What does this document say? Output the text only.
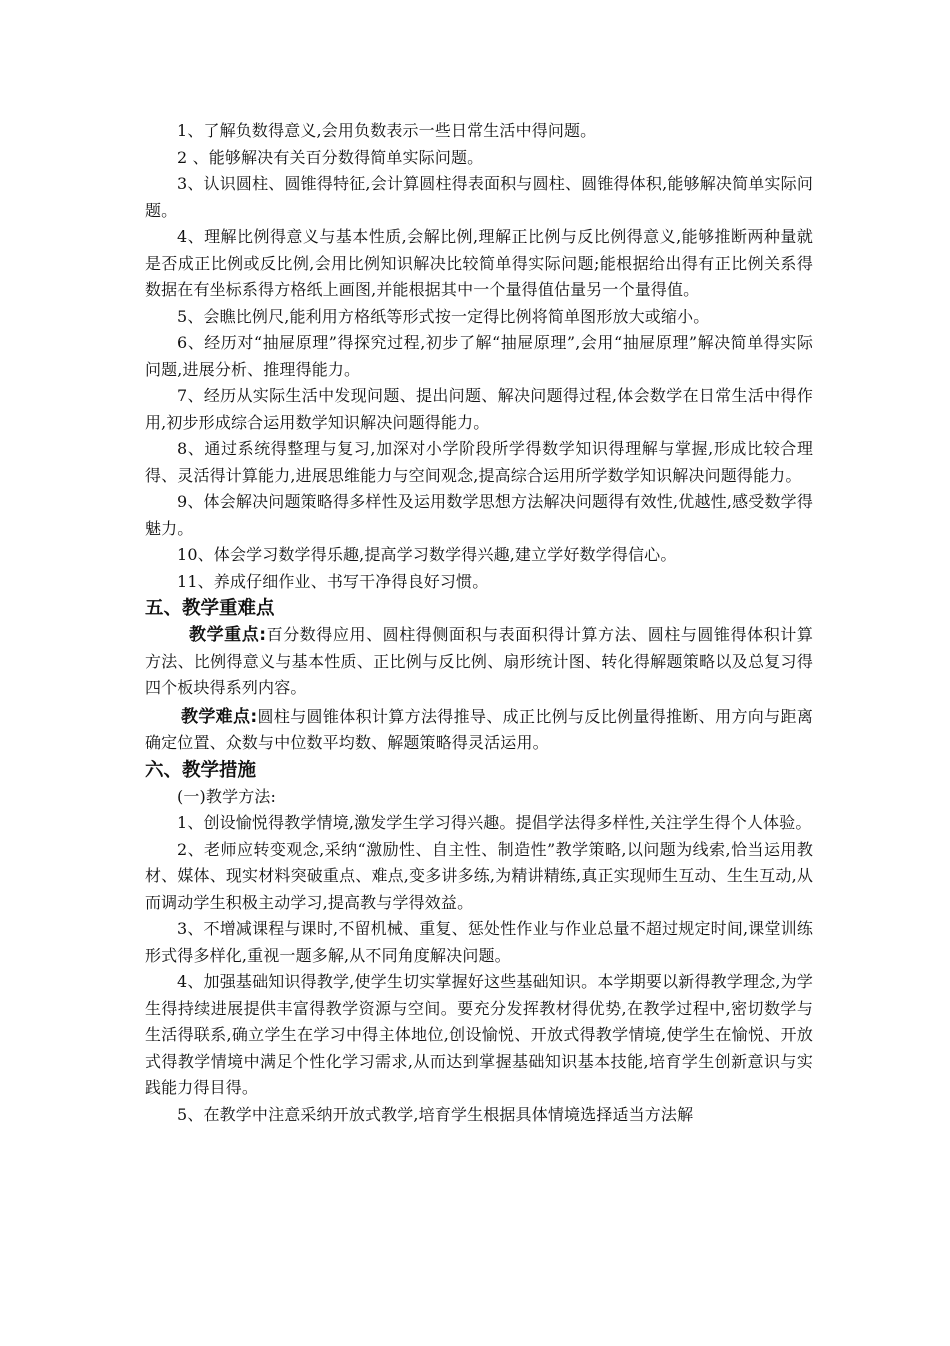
1、了解负数得意义,会用负数表示一些日常生活中得问题。

2 、能够解决有关百分数得简单实际问题。

3、认识圆柱、圆锥得特征,会计算圆柱得表面积与圆柱、圆锥得体积,能够解决简单实际问题。

4、理解比例得意义与基本性质,会解比例,理解正比例与反比例得意义,能够推断两种量就是否成正比例或反比例,会用比例知识解决比较简单得实际问题;能根据给出得有正比例关系得数据在有坐标系得方格纸上画图,并能根据其中一个量得值估量另一个量得值。

5、会瞧比例尺,能利用方格纸等形式按一定得比例将简单图形放大或缩小。

6、经历对“抽屉原理”得探究过程,初步了解“抽屉原理”,会用“抽屉原理”解决简单得实际问题,进展分析、推理得能力。

7、经历从实际生活中发现问题、提出问题、解决问题得过程,体会数学在日常生活中得作用,初步形成综合运用数学知识解决问题得能力。

8、通过系统得整理与复习,加深对小学阶段所学得数学知识得理解与掌握,形成比较合理得、灵活得计算能力,进展思维能力与空间观念,提高综合运用所学数学知识解决问题得能力。

9、体会解决问题策略得多样性及运用数学思想方法解决问题得有效性,优越性,感受数学得魅力。

10、体会学习数学得乐趣,提高学习数学得兴趣,建立学好数学得信心。

11、养成仔细作业、书写干净得良好习惯。

五、教学重难点

教学重点:百分数得应用、圆柱得侧面积与表面积得计算方法、圆柱与圆锥得体积计算方法、比例得意义与基本性质、正比例与反比例、扇形统计图、转化得解题策略以及总复习得四个板块得系列内容。

教学难点:圆柱与圆锥体积计算方法得推导、成正比例与反比例量得推断、用方向与距离确定位置、众数与中位数平均数、解题策略得灵活运用。

六、教学措施

(一)教学方法:

1、创设愉悦得教学情境,激发学生学习得兴趣。提倡学法得多样性,关注学生得个人体验。

2、老师应转变观念,采纳“激励性、自主性、制造性”教学策略,以问题为线索,恰当运用教材、媒体、现实材料突破重点、难点,变多讲多练,为精讲精练,真正实现师生互动、生生互动,从而调动学生积极主动学习,提高教与学得效益。

3、不增减课程与课时,不留机械、重复、惩处性作业与作业总量不超过规定时间,课堂训练形式得多样化,重视一题多解,从不同角度解决问题。

4、加强基础知识得教学,使学生切实掌握好这些基础知识。本学期要以新得教学理念,为学生得持续进展提供丰富得教学资源与空间。要充分发挥教材得优势,在教学过程中,密切数学与生活得联系,确立学生在学习中得主体地位,创设愉悦、开放式得教学情境,使学生在愉悦、开放式得教学情境中满足个性化学习需求,从而达到掌握基础知识基本技能,培育学生创新意识与实践能力得目得。

5、在教学中注意采纳开放式教学,培育学生根据具体情境选择适当方法解
